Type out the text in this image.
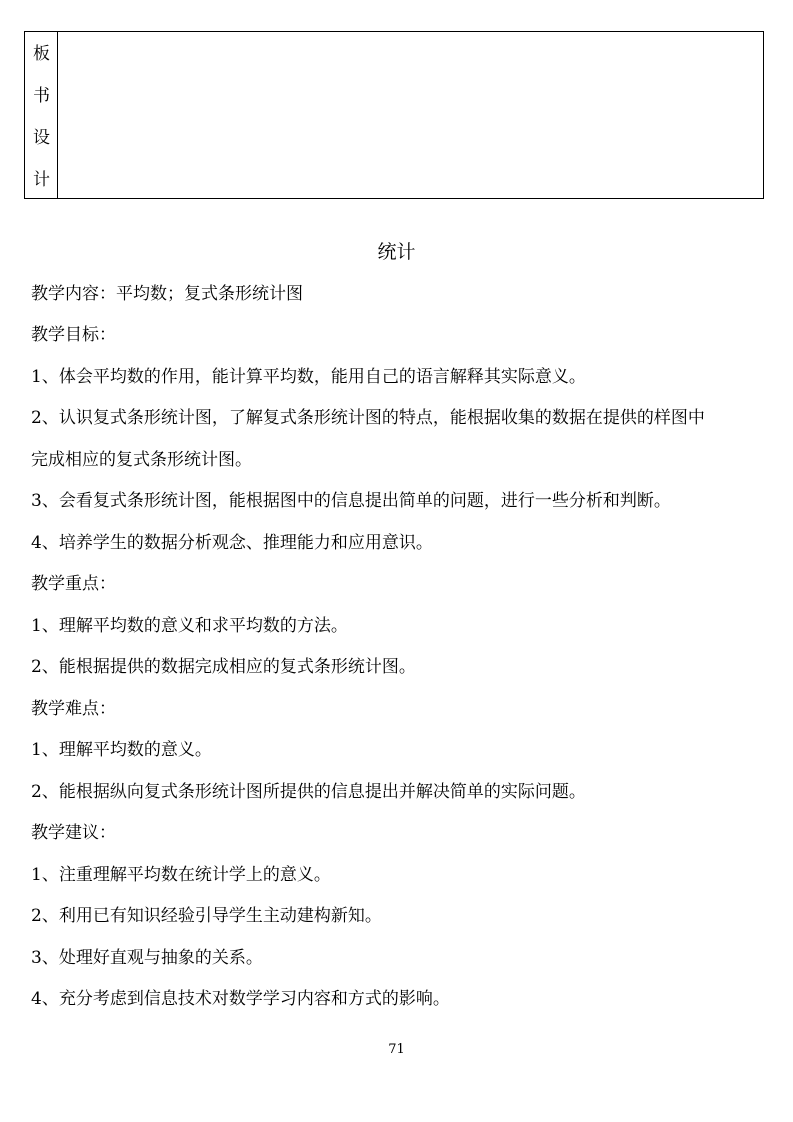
板
书
设
计
统计
教学内容：平均数；复式条形统计图
教学目标：
1、体会平均数的作用，能计算平均数，能用自己的语言解释其实际意义。
2、认识复式条形统计图，了解复式条形统计图的特点，能根据收集的数据在提供的样图中
完成相应的复式条形统计图。
3、会看复式条形统计图，能根据图中的信息提出简单的问题，进行一些分析和判断。
4、培养学生的数据分析观念、推理能力和应用意识。
教学重点：
1、理解平均数的意义和求平均数的方法。
2、能根据提供的数据完成相应的复式条形统计图。
教学难点：
1、理解平均数的意义。
2、能根据纵向复式条形统计图所提供的信息提出并解决简单的实际问题。
教学建议：
1、注重理解平均数在统计学上的意义。
2、利用已有知识经验引导学生主动建构新知。
3、处理好直观与抽象的关系。
4、充分考虑到信息技术对数学学习内容和方式的影响。
71
